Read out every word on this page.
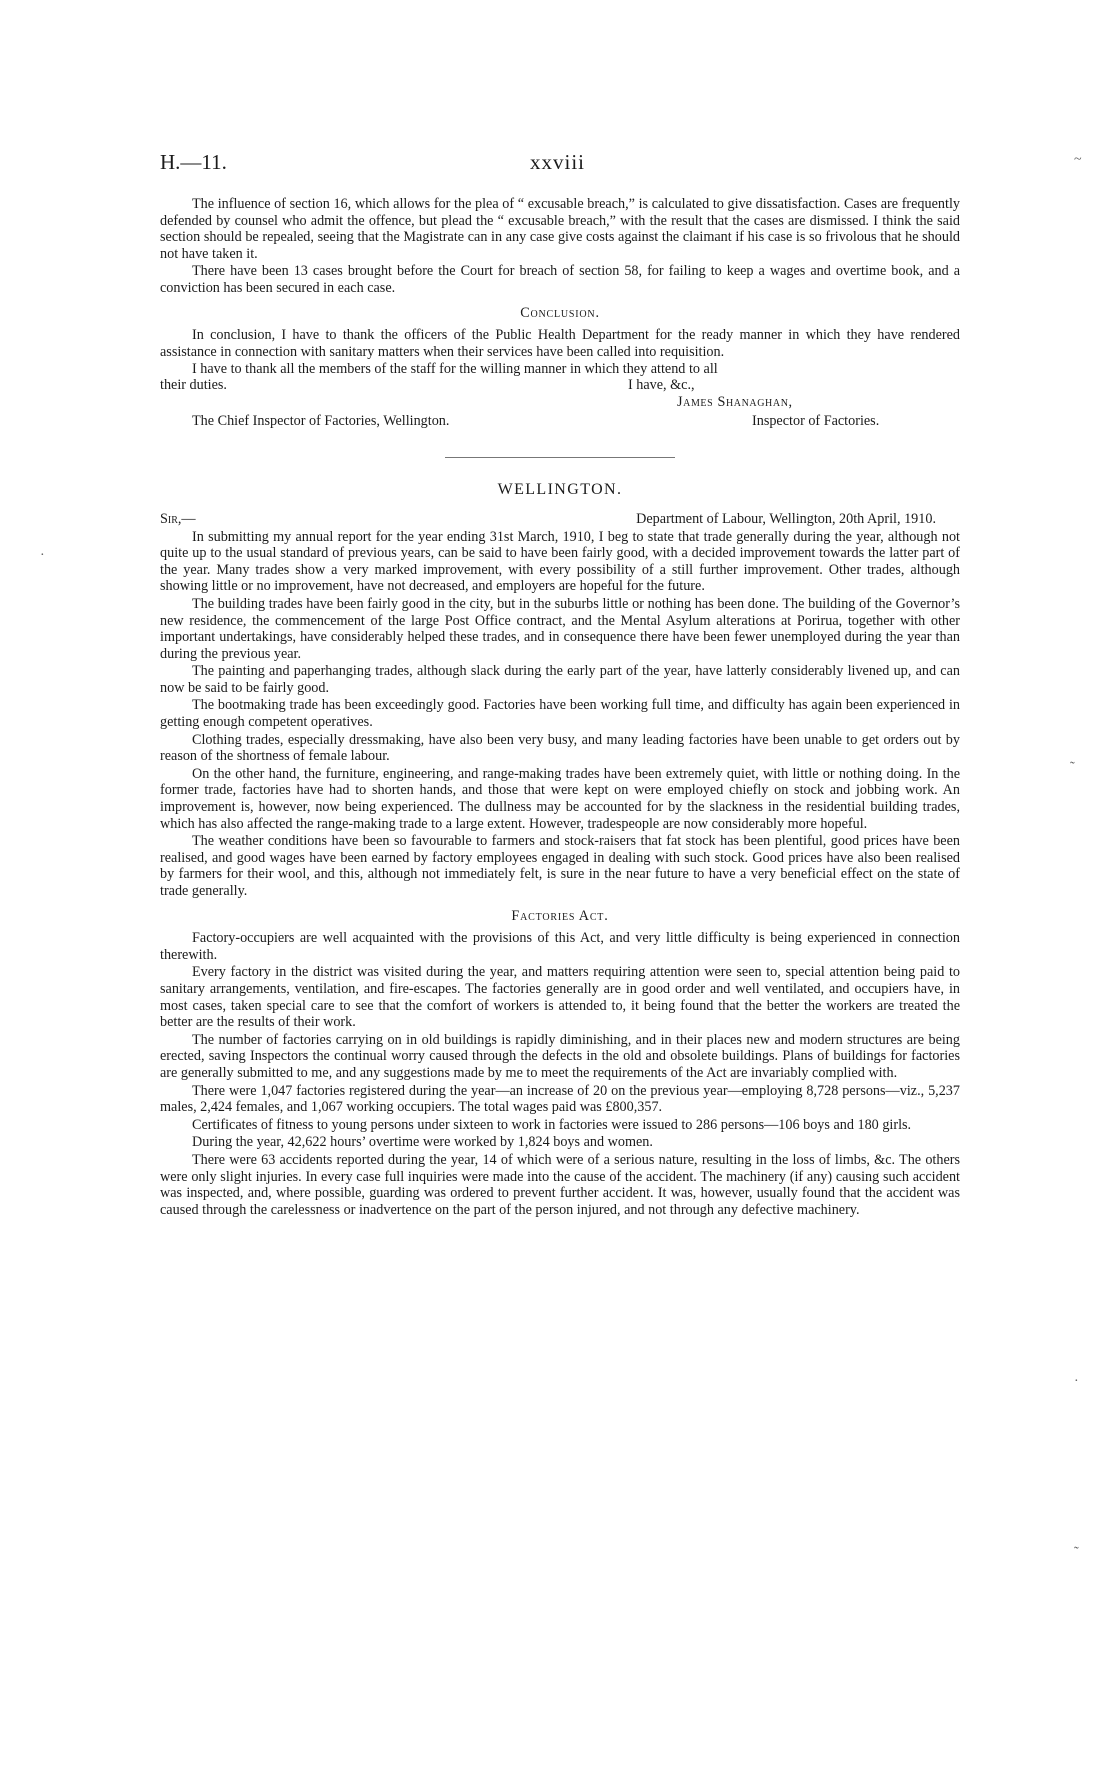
~
·
˜
·
˜
H.—11.	xxviii

The influence of section 16, which allows for the plea of “ excusable breach,” is calculated to give dissatisfaction. Cases are frequently defended by counsel who admit the offence, but plead the “ excusable breach,” with the result that the cases are dismissed. I think the said section should be repealed, seeing that the Magistrate can in any case give costs against the claimant if his case is so frivolous that he should not have taken it.

There have been 13 cases brought before the Court for breach of section 58, for failing to keep a wages and overtime book, and a conviction has been secured in each case.

Conclusion.

In conclusion, I have to thank the officers of the Public Health Department for the ready manner in which they have rendered assistance in connection with sanitary matters when their services have been called into requisition.

I have to thank all the members of the staff for the willing manner in which they attend to all

their duties.	I have, &c.,
James Shanaghan,
The Chief Inspector of Factories, Wellington.	Inspector of Factories.
WELLINGTON.
Sir,—	Department of Labour, Wellington, 20th April, 1910.

In submitting my annual report for the year ending 31st March, 1910, I beg to state that trade generally during the year, although not quite up to the usual standard of previous years, can be said to have been fairly good, with a decided improvement towards the latter part of the year. Many trades show a very marked improvement, with every possibility of a still further improvement. Other trades, although showing little or no improvement, have not decreased, and employers are hopeful for the future.

The building trades have been fairly good in the city, but in the suburbs little or nothing has been done. The building of the Governor’s new residence, the commencement of the large Post Office contract, and the Mental Asylum alterations at Porirua, together with other important undertakings, have considerably helped these trades, and in consequence there have been fewer unemployed during the year than during the previous year.

The painting and paperhanging trades, although slack during the early part of the year, have latterly considerably livened up, and can now be said to be fairly good.

The bootmaking trade has been exceedingly good. Factories have been working full time, and difficulty has again been experienced in getting enough competent operatives.

Clothing trades, especially dressmaking, have also been very busy, and many leading factories have been unable to get orders out by reason of the shortness of female labour.

On the other hand, the furniture, engineering, and range-making trades have been extremely quiet, with little or nothing doing. In the former trade, factories have had to shorten hands, and those that were kept on were employed chiefly on stock and jobbing work. An improvement is, however, now being experienced. The dullness may be accounted for by the slackness in the residential building trades, which has also affected the range-making trade to a large extent. However, tradespeople are now considerably more hopeful.

The weather conditions have been so favourable to farmers and stock-raisers that fat stock has been plentiful, good prices have been realised, and good wages have been earned by factory employees engaged in dealing with such stock. Good prices have also been realised by farmers for their wool, and this, although not immediately felt, is sure in the near future to have a very beneficial effect on the state of trade generally.

Factories Act.

Factory-occupiers are well acquainted with the provisions of this Act, and very little difficulty is being experienced in connection therewith.

Every factory in the district was visited during the year, and matters requiring attention were seen to, special attention being paid to sanitary arrangements, ventilation, and fire-escapes. The factories generally are in good order and well ventilated, and occupiers have, in most cases, taken special care to see that the comfort of workers is attended to, it being found that the better the workers are treated the better are the results of their work.

The number of factories carrying on in old buildings is rapidly diminishing, and in their places new and modern structures are being erected, saving Inspectors the continual worry caused through the defects in the old and obsolete buildings. Plans of buildings for factories are generally submitted to me, and any suggestions made by me to meet the requirements of the Act are invariably complied with.

There were 1,047 factories registered during the year—an increase of 20 on the previous year—employing 8,728 persons—viz., 5,237 males, 2,424 females, and 1,067 working occupiers. The total wages paid was £800,357.

Certificates of fitness to young persons under sixteen to work in factories were issued to 286 persons—106 boys and 180 girls.

During the year, 42,622 hours’ overtime were worked by 1,824 boys and women.

There were 63 accidents reported during the year, 14 of which were of a serious nature, resulting in the loss of limbs, &c. The others were only slight injuries. In every case full inquiries were made into the cause of the accident. The machinery (if any) causing such accident was inspected, and, where possible, guarding was ordered to prevent further accident. It was, however, usually found that the accident was caused through the carelessness or inadvertence on the part of the person injured, and not through any defective machinery.
